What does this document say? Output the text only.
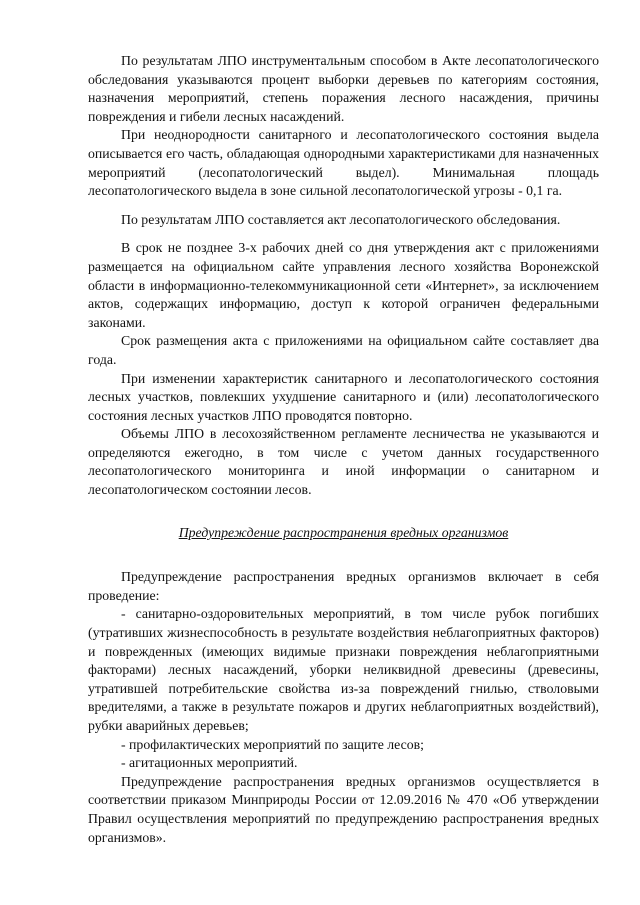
По результатам ЛПО инструментальным способом в Акте лесопатологического обследования указываются процент выборки деревьев по категориям состояния, назначения мероприятий, степень поражения лесного насаждения, причины повреждения и гибели лесных насаждений.

При неоднородности санитарного и лесопатологического состояния выдела описывается его часть, обладающая однородными характеристиками для назначенных мероприятий (лесопатологический выдел). Минимальная площадь лесопатологического выдела в зоне сильной лесопатологической угрозы - 0,1 га.

По результатам ЛПО составляется акт лесопатологического обследования.

В срок не позднее 3-х рабочих дней со дня утверждения акт с приложениями размещается на официальном сайте управления лесного хозяйства Воронежской области в информационно-телекоммуникационной сети «Интернет», за исключением актов, содержащих информацию, доступ к которой ограничен федеральными законами.

Срок размещения акта с приложениями на официальном сайте составляет два года.

При изменении характеристик санитарного и лесопатологического состояния лесных участков, повлекших ухудшение санитарного и (или) лесопатологического состояния лесных участков ЛПО проводятся повторно.

Объемы ЛПО в лесохозяйственном регламенте лесничества не указываются и определяются ежегодно, в том числе с учетом данных государственного лесопатологического мониторинга и иной информации о санитарном и лесопатологическом состоянии лесов.

Предупреждение распространения вредных организмов

Предупреждение распространения вредных организмов включает в себя проведение:

- санитарно-оздоровительных мероприятий, в том числе рубок погибших (утративших жизнеспособность в результате воздействия неблагоприятных факторов) и поврежденных (имеющих видимые признаки повреждения неблагоприятными факторами) лесных насаждений, уборки неликвидной древесины (древесины, утратившей потребительские свойства из-за повреждений гнилью, стволовыми вредителями, а также в результате пожаров и других неблагоприятных воздействий), рубки аварийных деревьев;

- профилактических мероприятий по защите лесов;

- агитационных мероприятий.

Предупреждение распространения вредных организмов осуществляется в соответствии приказом Минприроды России от 12.09.2016 № 470 «Об утверждении Правил осуществления мероприятий по предупреждению распространения вредных организмов».
